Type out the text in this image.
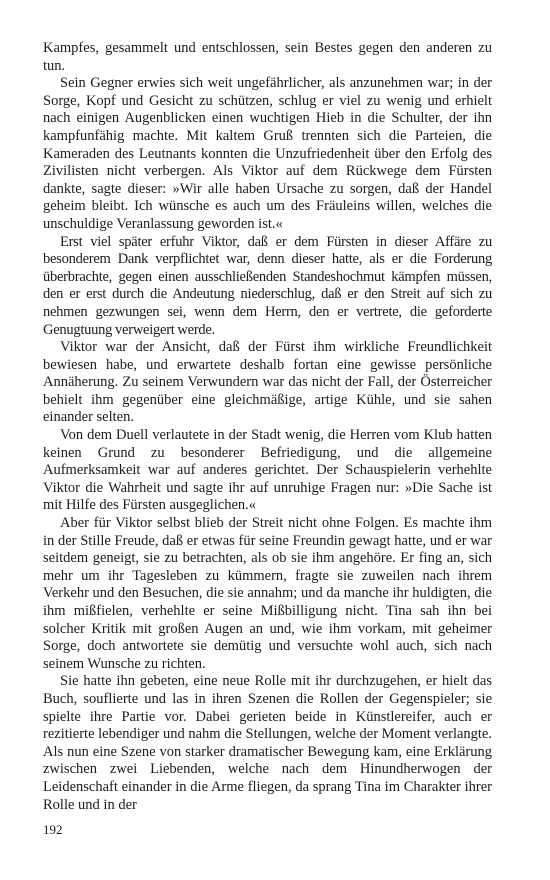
Kampfes, gesammelt und entschlossen, sein Bestes gegen den anderen zu tun.

Sein Gegner erwies sich weit ungefährlicher, als anzunehmen war; in der Sorge, Kopf und Gesicht zu schützen, schlug er viel zu wenig und erhielt nach einigen Augenblicken einen wuchtigen Hieb in die Schulter, der ihn kampfunfähig machte. Mit kaltem Gruß trennten sich die Parteien, die Kameraden des Leutnants konnten die Unzufriedenheit über den Erfolg des Zivilisten nicht verbergen. Als Viktor auf dem Rückwege dem Fürsten dankte, sagte dieser: »Wir alle haben Ursache zu sorgen, daß der Handel geheim bleibt. Ich wünsche es auch um des Fräuleins willen, welches die unschuldige Veranlassung geworden ist.«

Erst viel später erfuhr Viktor, daß er dem Fürsten in dieser Affäre zu besonderem Dank verpflichtet war, denn dieser hatte, als er die Forderung überbrachte, gegen einen ausschließenden Standeshochmut kämpfen müssen, den er erst durch die Andeutung niederschlug, daß er den Streit auf sich zu nehmen gezwungen sei, wenn dem Herrn, den er vertrete, die geforderte Genugtuung verweigert werde.

Viktor war der Ansicht, daß der Fürst ihm wirkliche Freundlichkeit bewiesen habe, und erwartete deshalb fortan eine gewisse persönliche Annäherung. Zu seinem Verwundern war das nicht der Fall, der Österreicher behielt ihm gegenüber eine gleichmäßige, artige Kühle, und sie sahen einander selten.

Von dem Duell verlautete in der Stadt wenig, die Herren vom Klub hatten keinen Grund zu besonderer Befriedigung, und die allgemeine Aufmerksamkeit war auf anderes gerichtet. Der Schauspielerin verhehlte Viktor die Wahrheit und sagte ihr auf unruhige Fragen nur: »Die Sache ist mit Hilfe des Fürsten ausgeglichen.«

Aber für Viktor selbst blieb der Streit nicht ohne Folgen. Es machte ihm in der Stille Freude, daß er etwas für seine Freundin gewagt hatte, und er war seitdem geneigt, sie zu betrachten, als ob sie ihm angehöre. Er fing an, sich mehr um ihr Tagesleben zu kümmern, fragte sie zuweilen nach ihrem Verkehr und den Besuchen, die sie annahm; und da manche ihr huldigten, die ihm mißfielen, verhehlte er seine Mißbilligung nicht. Tina sah ihn bei solcher Kritik mit großen Augen an und, wie ihm vorkam, mit geheimer Sorge, doch antwortete sie demütig und versuchte wohl auch, sich nach seinem Wunsche zu richten.

Sie hatte ihn gebeten, eine neue Rolle mit ihr durchzugehen, er hielt das Buch, souflierte und las in ihren Szenen die Rollen der Gegenspieler; sie spielte ihre Partie vor. Dabei gerieten beide in Künstlereifer, auch er rezitierte lebendiger und nahm die Stellungen, welche der Moment verlangte. Als nun eine Szene von starker dramatischer Bewegung kam, eine Erklärung zwischen zwei Liebenden, welche nach dem Hinundherwogen der Leidenschaft einander in die Arme fliegen, da sprang Tina im Charakter ihrer Rolle und in der

192
